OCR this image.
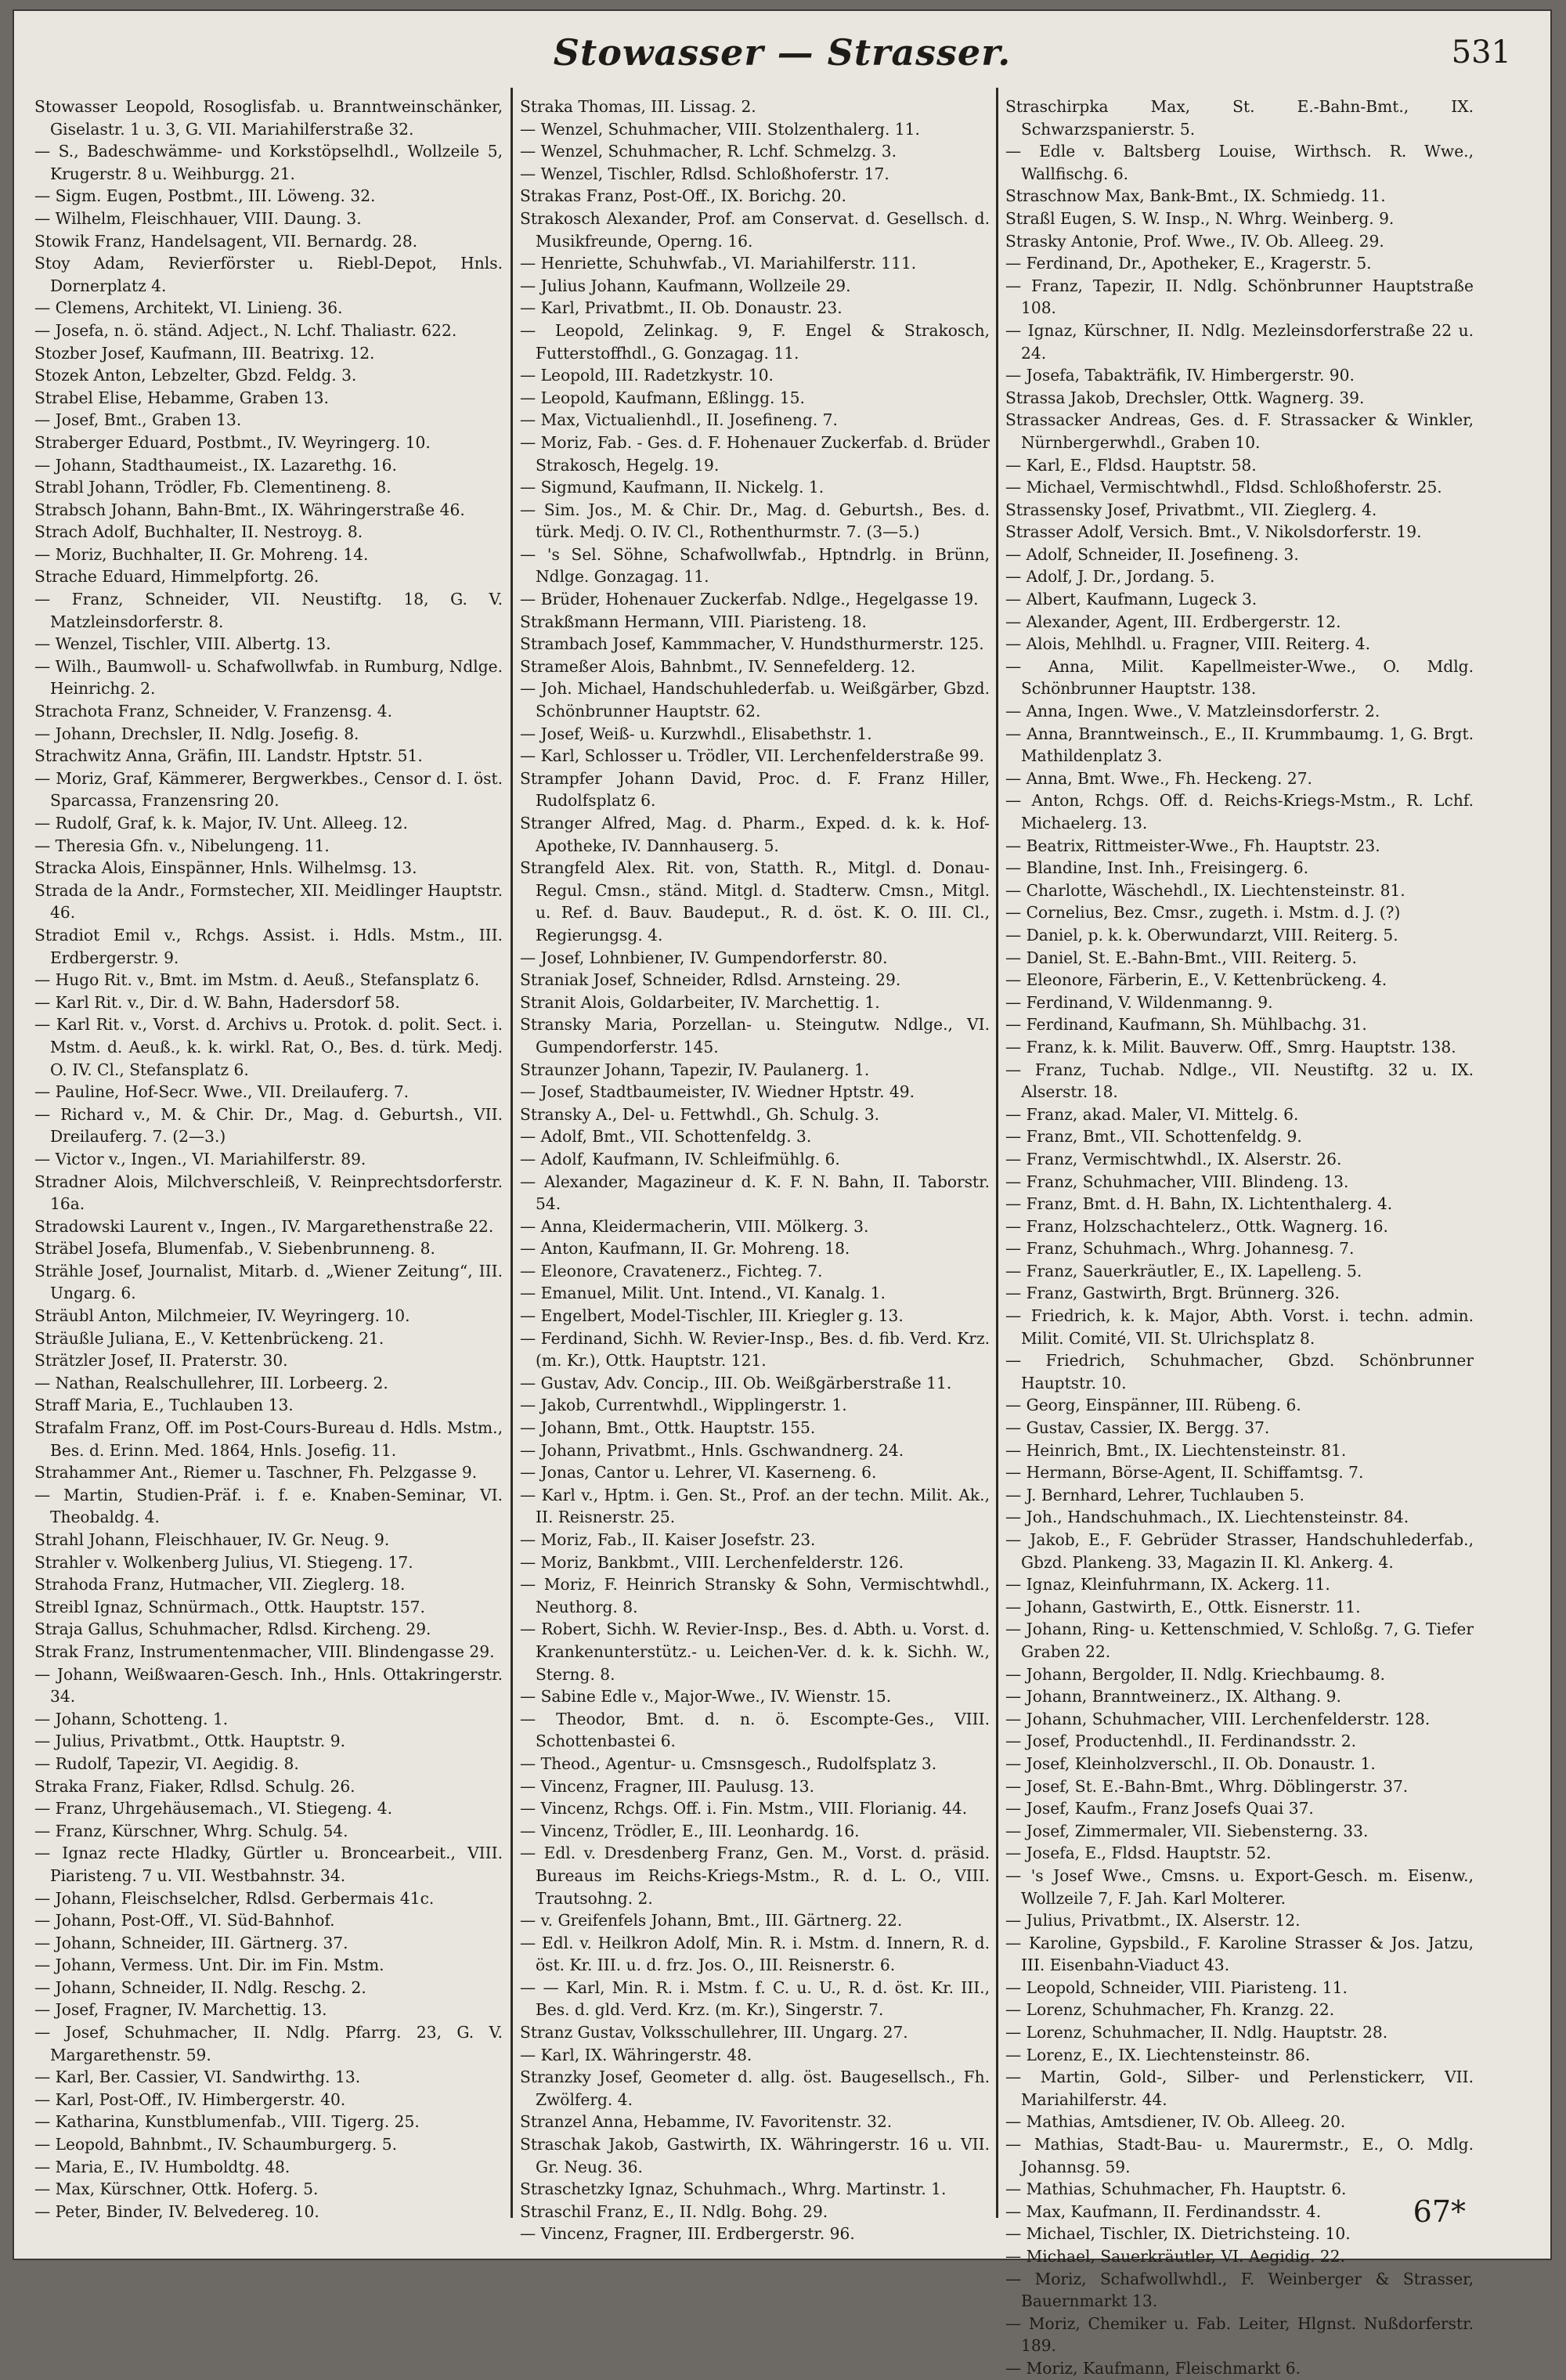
Stowasser — Strasser.	531

Stowasser Leopold, Rosoglisfab. u. Branntweinschänker, Giselastr. 1 u. 3, G. VII. Mariahilferstraße 32.

— S., Badeschwämme- und Korkstöpselhdl., Wollzeile 5, Krugerstr. 8 u. Weihburgg. 21.

— Sigm. Eugen, Postbmt., III. Löweng. 32.

— Wilhelm, Fleischhauer, VIII. Daung. 3.

Stowik Franz, Handelsagent, VII. Bernardg. 28.

Stoy Adam, Revierförster u. Riebl-Depot, Hnls. Dornerplatz 4.

— Clemens, Architekt, VI. Linieng. 36.

— Josefa, n. ö. ständ. Adject., N. Lchf. Thaliastr. 622.

Stozber Josef, Kaufmann, III. Beatrixg. 12.

Stozek Anton, Lebzelter, Gbzd. Feldg. 3.

Strabel Elise, Hebamme, Graben 13.

— Josef, Bmt., Graben 13.

Straberger Eduard, Postbmt., IV. Weyringerg. 10.

— Johann, Stadthaumeist., IX. Lazarethg. 16.

Strabl Johann, Trödler, Fb. Clementineng. 8.

Strabsch Johann, Bahn-Bmt., IX. Währingerstraße 46.

Strach Adolf, Buchhalter, II. Nestroyg. 8.

— Moriz, Buchhalter, II. Gr. Mohreng. 14.

Strache Eduard, Himmelpfortg. 26.

— Franz, Schneider, VII. Neustiftg. 18, G. V. Matzleinsdorferstr. 8.

— Wenzel, Tischler, VIII. Albertg. 13.

— Wilh., Baumwoll- u. Schafwollwfab. in Rumburg, Ndlge. Heinrichg. 2.

Strachota Franz, Schneider, V. Franzensg. 4.

— Johann, Drechsler, II. Ndlg. Josefig. 8.

Strachwitz Anna, Gräfin, III. Landstr. Hptstr. 51.

— Moriz, Graf, Kämmerer, Bergwerkbes., Censor d. I. öst. Sparcassa, Franzensring 20.

— Rudolf, Graf, k. k. Major, IV. Unt. Alleeg. 12.

— Theresia Gfn. v., Nibelungeng. 11.

Stracka Alois, Einspänner, Hnls. Wilhelmsg. 13.

Strada de la Andr., Formstecher, XII. Meidlinger Hauptstr. 46.

Stradiot Emil v., Rchgs. Assist. i. Hdls. Mstm., III. Erdbergerstr. 9.

— Hugo Rit. v., Bmt. im Mstm. d. Aeuß., Stefansplatz 6.

— Karl Rit. v., Dir. d. W. Bahn, Hadersdorf 58.

— Karl Rit. v., Vorst. d. Archivs u. Protok. d. polit. Sect. i. Mstm. d. Aeuß., k. k. wirkl. Rat, O., Bes. d. türk. Medj. O. IV. Cl., Stefansplatz 6.

— Pauline, Hof-Secr. Wwe., VII. Dreilauferg. 7.

— Richard v., M. & Chir. Dr., Mag. d. Geburtsh., VII. Dreilauferg. 7. (2—3.)

— Victor v., Ingen., VI. Mariahilferstr. 89.

Stradner Alois, Milchverschleiß, V. Reinprechtsdorferstr. 16a.

Stradowski Laurent v., Ingen., IV. Margarethenstraße 22.

Sträbel Josefa, Blumenfab., V. Siebenbrunneng. 8.

Strähle Josef, Journalist, Mitarb. d. „Wiener Zeitung“, III. Ungarg. 6.

Sträubl Anton, Milchmeier, IV. Weyringerg. 10.

Sträußle Juliana, E., V. Kettenbrückeng. 21.

Strätzler Josef, II. Praterstr. 30.

— Nathan, Realschullehrer, III. Lorbeerg. 2.

Straff Maria, E., Tuchlauben 13.

Strafalm Franz, Off. im Post-Cours-Bureau d. Hdls. Mstm., Bes. d. Erinn. Med. 1864, Hnls. Josefig. 11.

Strahammer Ant., Riemer u. Taschner, Fh. Pelzgasse 9.

— Martin, Studien-Präf. i. f. e. Knaben-Seminar, VI. Theobaldg. 4.

Strahl Johann, Fleischhauer, IV. Gr. Neug. 9.

Strahler v. Wolkenberg Julius, VI. Stiegeng. 17.

Strahoda Franz, Hutmacher, VII. Zieglerg. 18.

Streibl Ignaz, Schnürmach., Ottk. Hauptstr. 157.

Straja Gallus, Schuhmacher, Rdlsd. Kircheng. 29.

Strak Franz, Instrumentenmacher, VIII. Blindengasse 29.

— Johann, Weißwaaren-Gesch. Inh., Hnls. Ottakringerstr. 34.

— Johann, Schotteng. 1.

— Julius, Privatbmt., Ottk. Hauptstr. 9.

— Rudolf, Tapezir, VI. Aegidig. 8.

Straka Franz, Fiaker, Rdlsd. Schulg. 26.

— Franz, Uhrgehäusemach., VI. Stiegeng. 4.

— Franz, Kürschner, Whrg. Schulg. 54.

— Ignaz recte Hladky, Gürtler u. Broncearbeit., VIII. Piaristeng. 7 u. VII. Westbahnstr. 34.

— Johann, Fleischselcher, Rdlsd. Gerbermais 41c.

— Johann, Post-Off., VI. Süd-Bahnhof.

— Johann, Schneider, III. Gärtnerg. 37.

— Johann, Vermess. Unt. Dir. im Fin. Mstm.

— Johann, Schneider, II. Ndlg. Reschg. 2.

— Josef, Fragner, IV. Marchettig. 13.

— Josef, Schuhmacher, II. Ndlg. Pfarrg. 23, G. V. Margarethenstr. 59.

— Karl, Ber. Cassier, VI. Sandwirthg. 13.

— Karl, Post-Off., IV. Himbergerstr. 40.

— Katharina, Kunstblumenfab., VIII. Tigerg. 25.

— Leopold, Bahnbmt., IV. Schaumburgerg. 5.

— Maria, E., IV. Humboldtg. 48.

— Max, Kürschner, Ottk. Hoferg. 5.

— Peter, Binder, IV. Belvedereg. 10.

Straka Thomas, III. Lissag. 2.

— Wenzel, Schuhmacher, VIII. Stolzenthalerg. 11.

— Wenzel, Schuhmacher, R. Lchf. Schmelzg. 3.

— Wenzel, Tischler, Rdlsd. Schloßhoferstr. 17.

Strakas Franz, Post-Off., IX. Borichg. 20.

Strakosch Alexander, Prof. am Conservat. d. Gesellsch. d. Musikfreunde, Operng. 16.

— Henriette, Schuhwfab., VI. Mariahilferstr. 111.

— Julius Johann, Kaufmann, Wollzeile 29.

— Karl, Privatbmt., II. Ob. Donaustr. 23.

— Leopold, Zelinkag. 9, F. Engel & Strakosch, Futterstoffhdl., G. Gonzagag. 11.

— Leopold, III. Radetzkystr. 10.

— Leopold, Kaufmann, Eßlingg. 15.

— Max, Victualienhdl., II. Josefineng. 7.

— Moriz, Fab. - Ges. d. F. Hohenauer Zuckerfab. d. Brüder Strakosch, Hegelg. 19.

— Sigmund, Kaufmann, II. Nickelg. 1.

— Sim. Jos., M. & Chir. Dr., Mag. d. Geburtsh., Bes. d. türk. Medj. O. IV. Cl., Rothenthurmstr. 7. (3—5.)

— 's Sel. Söhne, Schafwollwfab., Hptndrlg. in Brünn, Ndlge. Gonzagag. 11.

— Brüder, Hohenauer Zuckerfab. Ndlge., Hegelgasse 19.

Strakßmann Hermann, VIII. Piaristeng. 18.

Strambach Josef, Kammmacher, V. Hundsthurmerstr. 125.

Strameßer Alois, Bahnbmt., IV. Sennefelderg. 12.

— Joh. Michael, Handschuhlederfab. u. Weißgärber, Gbzd. Schönbrunner Hauptstr. 62.

— Josef, Weiß- u. Kurzwhdl., Elisabethstr. 1.

— Karl, Schlosser u. Trödler, VII. Lerchenfelderstraße 99.

Strampfer Johann David, Proc. d. F. Franz Hiller, Rudolfsplatz 6.

Stranger Alfred, Mag. d. Pharm., Exped. d. k. k. Hof-Apotheke, IV. Dannhauserg. 5.

Strangfeld Alex. Rit. von, Statth. R., Mitgl. d. Donau-Regul. Cmsn., ständ. Mitgl. d. Stadterw. Cmsn., Mitgl. u. Ref. d. Bauv. Baudeput., R. d. öst. K. O. III. Cl., Regierungsg. 4.

— Josef, Lohnbiener, IV. Gumpendorferstr. 80.

Straniak Josef, Schneider, Rdlsd. Arnsteing. 29.

Stranit Alois, Goldarbeiter, IV. Marchettig. 1.

Stransky Maria, Porzellan- u. Steingutw. Ndlge., VI. Gumpendorferstr. 145.

Straunzer Johann, Tapezir, IV. Paulanerg. 1.

— Josef, Stadtbaumeister, IV. Wiedner Hptstr. 49.

Stransky A., Del- u. Fettwhdl., Gh. Schulg. 3.

— Adolf, Bmt., VII. Schottenfeldg. 3.

— Adolf, Kaufmann, IV. Schleifmühlg. 6.

— Alexander, Magazineur d. K. F. N. Bahn, II. Taborstr. 54.

— Anna, Kleidermacherin, VIII. Mölkerg. 3.

— Anton, Kaufmann, II. Gr. Mohreng. 18.

— Eleonore, Cravatenerz., Fichteg. 7.

— Emanuel, Milit. Unt. Intend., VI. Kanalg. 1.

— Engelbert, Model-Tischler, III. Kriegler g. 13.

— Ferdinand, Sichh. W. Revier-Insp., Bes. d. fib. Verd. Krz. (m. Kr.), Ottk. Hauptstr. 121.

— Gustav, Adv. Concip., III. Ob. Weißgärberstraße 11.

— Jakob, Currentwhdl., Wipplingerstr. 1.

— Johann, Bmt., Ottk. Hauptstr. 155.

— Johann, Privatbmt., Hnls. Gschwandnerg. 24.

— Jonas, Cantor u. Lehrer, VI. Kaserneng. 6.

— Karl v., Hptm. i. Gen. St., Prof. an der techn. Milit. Ak., II. Reisnerstr. 25.

— Moriz, Fab., II. Kaiser Josefstr. 23.

— Moriz, Bankbmt., VIII. Lerchenfelderstr. 126.

— Moriz, F. Heinrich Stransky & Sohn, Vermischtwhdl., Neuthorg. 8.

— Robert, Sichh. W. Revier-Insp., Bes. d. Abth. u. Vorst. d. Krankenunterstütz.- u. Leichen-Ver. d. k. k. Sichh. W., Sterng. 8.

— Sabine Edle v., Major-Wwe., IV. Wienstr. 15.

— Theodor, Bmt. d. n. ö. Escompte-Ges., VIII. Schottenbastei 6.

— Theod., Agentur- u. Cmsnsgesch., Rudolfsplatz 3.

— Vincenz, Fragner, III. Paulusg. 13.

— Vincenz, Rchgs. Off. i. Fin. Mstm., VIII. Florianig. 44.

— Vincenz, Trödler, E., III. Leonhardg. 16.

— Edl. v. Dresdenberg Franz, Gen. M., Vorst. d. präsid. Bureaus im Reichs-Kriegs-Mstm., R. d. L. O., VIII. Trautsohng. 2.

— v. Greifenfels Johann, Bmt., III. Gärtnerg. 22.

— Edl. v. Heilkron Adolf, Min. R. i. Mstm. d. Innern, R. d. öst. Kr. III. u. d. frz. Jos. O., III. Reisnerstr. 6.

— — Karl, Min. R. i. Mstm. f. C. u. U., R. d. öst. Kr. III., Bes. d. gld. Verd. Krz. (m. Kr.), Singerstr. 7.

Stranz Gustav, Volksschullehrer, III. Ungarg. 27.

— Karl, IX. Währingerstr. 48.

Stranzky Josef, Geometer d. allg. öst. Baugesellsch., Fh. Zwölferg. 4.

Stranzel Anna, Hebamme, IV. Favoritenstr. 32.

Straschak Jakob, Gastwirth, IX. Währingerstr. 16 u. VII. Gr. Neug. 36.

Straschetzky Ignaz, Schuhmach., Whrg. Martinstr. 1.

Straschil Franz, E., II. Ndlg. Bohg. 29.

— Vincenz, Fragner, III. Erdbergerstr. 96.

Straschirpka Max, St. E.-Bahn-Bmt., IX. Schwarzspanierstr. 5.

— Edle v. Baltsberg Louise, Wirthsch. R. Wwe., Wallfischg. 6.

Straschnow Max, Bank-Bmt., IX. Schmiedg. 11.

Straßl Eugen, S. W. Insp., N. Whrg. Weinberg. 9.

Strasky Antonie, Prof. Wwe., IV. Ob. Alleeg. 29.

— Ferdinand, Dr., Apotheker, E., Kragerstr. 5.

— Franz, Tapezir, II. Ndlg. Schönbrunner Hauptstraße 108.

— Ignaz, Kürschner, II. Ndlg. Mezleinsdorferstraße 22 u. 24.

— Josefa, Tabakträfik, IV. Himbergerstr. 90.

Strassa Jakob, Drechsler, Ottk. Wagnerg. 39.

Strassacker Andreas, Ges. d. F. Strassacker & Winkler, Nürnbergerwhdl., Graben 10.

— Karl, E., Fldsd. Hauptstr. 58.

— Michael, Vermischtwhdl., Fldsd. Schloßhoferstr. 25.

Strassensky Josef, Privatbmt., VII. Zieglerg. 4.

Strasser Adolf, Versich. Bmt., V. Nikolsdorferstr. 19.

— Adolf, Schneider, II. Josefineng. 3.

— Adolf, J. Dr., Jordang. 5.

— Albert, Kaufmann, Lugeck 3.

— Alexander, Agent, III. Erdbergerstr. 12.

— Alois, Mehlhdl. u. Fragner, VIII. Reiterg. 4.

— Anna, Milit. Kapellmeister-Wwe., O. Mdlg. Schönbrunner Hauptstr. 138.

— Anna, Ingen. Wwe., V. Matzleinsdorferstr. 2.

— Anna, Branntweinsch., E., II. Krummbaumg. 1, G. Brgt. Mathildenplatz 3.

— Anna, Bmt. Wwe., Fh. Heckeng. 27.

— Anton, Rchgs. Off. d. Reichs-Kriegs-Mstm., R. Lchf. Michaelerg. 13.

— Beatrix, Rittmeister-Wwe., Fh. Hauptstr. 23.

— Blandine, Inst. Inh., Freisingerg. 6.

— Charlotte, Wäschehdl., IX. Liechtensteinstr. 81.

— Cornelius, Bez. Cmsr., zugeth. i. Mstm. d. J. (?)

— Daniel, p. k. k. Oberwundarzt, VIII. Reiterg. 5.

— Daniel, St. E.-Bahn-Bmt., VIII. Reiterg. 5.

— Eleonore, Färberin, E., V. Kettenbrückeng. 4.

— Ferdinand, V. Wildenmanng. 9.

— Ferdinand, Kaufmann, Sh. Mühlbachg. 31.

— Franz, k. k. Milit. Bauverw. Off., Smrg. Hauptstr. 138.

— Franz, Tuchab. Ndlge., VII. Neustiftg. 32 u. IX. Alserstr. 18.

— Franz, akad. Maler, VI. Mittelg. 6.

— Franz, Bmt., VII. Schottenfeldg. 9.

— Franz, Vermischtwhdl., IX. Alserstr. 26.

— Franz, Schuhmacher, VIII. Blindeng. 13.

— Franz, Bmt. d. H. Bahn, IX. Lichtenthalerg. 4.

— Franz, Holzschachtelerz., Ottk. Wagnerg. 16.

— Franz, Schuhmach., Whrg. Johannesg. 7.

— Franz, Sauerkräutler, E., IX. Lapelleng. 5.

— Franz, Gastwirth, Brgt. Brünnerg. 326.

— Friedrich, k. k. Major, Abth. Vorst. i. techn. admin. Milit. Comité, VII. St. Ulrichsplatz 8.

— Friedrich, Schuhmacher, Gbzd. Schönbrunner Hauptstr. 10.

— Georg, Einspänner, III. Rübeng. 6.

— Gustav, Cassier, IX. Bergg. 37.

— Heinrich, Bmt., IX. Liechtensteinstr. 81.

— Hermann, Börse-Agent, II. Schiffamtsg. 7.

— J. Bernhard, Lehrer, Tuchlauben 5.

— Joh., Handschuhmach., IX. Liechtensteinstr. 84.

— Jakob, E., F. Gebrüder Strasser, Handschuhlederfab., Gbzd. Plankeng. 33, Magazin II. Kl. Ankerg. 4.

— Ignaz, Kleinfuhrmann, IX. Ackerg. 11.

— Johann, Gastwirth, E., Ottk. Eisnerstr. 11.

— Johann, Ring- u. Kettenschmied, V. Schloßg. 7, G. Tiefer Graben 22.

— Johann, Bergolder, II. Ndlg. Kriechbaumg. 8.

— Johann, Branntweinerz., IX. Althang. 9.

— Johann, Schuhmacher, VIII. Lerchenfelderstr. 128.

— Josef, Productenhdl., II. Ferdinandsstr. 2.

— Josef, Kleinholzverschl., II. Ob. Donaustr. 1.

— Josef, St. E.-Bahn-Bmt., Whrg. Döblingerstr. 37.

— Josef, Kaufm., Franz Josefs Quai 37.

— Josef, Zimmermaler, VII. Siebensterng. 33.

— Josefa, E., Fldsd. Hauptstr. 52.

— 's Josef Wwe., Cmsns. u. Export-Gesch. m. Eisenw., Wollzeile 7, F. Jah. Karl Molterer.

— Julius, Privatbmt., IX. Alserstr. 12.

— Karoline, Gypsbild., F. Karoline Strasser & Jos. Jatzu, III. Eisenbahn-Viaduct 43.

— Leopold, Schneider, VIII. Piaristeng. 11.

— Lorenz, Schuhmacher, Fh. Kranzg. 22.

— Lorenz, Schuhmacher, II. Ndlg. Hauptstr. 28.

— Lorenz, E., IX. Liechtensteinstr. 86.

— Martin, Gold-, Silber- und Perlenstickerr, VII. Mariahilferstr. 44.

— Mathias, Amtsdiener, IV. Ob. Alleeg. 20.

— Mathias, Stadt-Bau- u. Maurermstr., E., O. Mdlg. Johannsg. 59.

— Mathias, Schuhmacher, Fh. Hauptstr. 6.

— Max, Kaufmann, II. Ferdinandsstr. 4.

— Michael, Tischler, IX. Dietrichsteing. 10.

— Michael, Sauerkräutler, VI. Aegidig. 22.

— Moriz, Schafwollwhdl., F. Weinberger & Strasser, Bauernmarkt 13.

— Moriz, Chemiker u. Fab. Leiter, Hlgnst. Nußdorferstr. 189.

— Moriz, Kaufmann, Fleischmarkt 6.

67*
